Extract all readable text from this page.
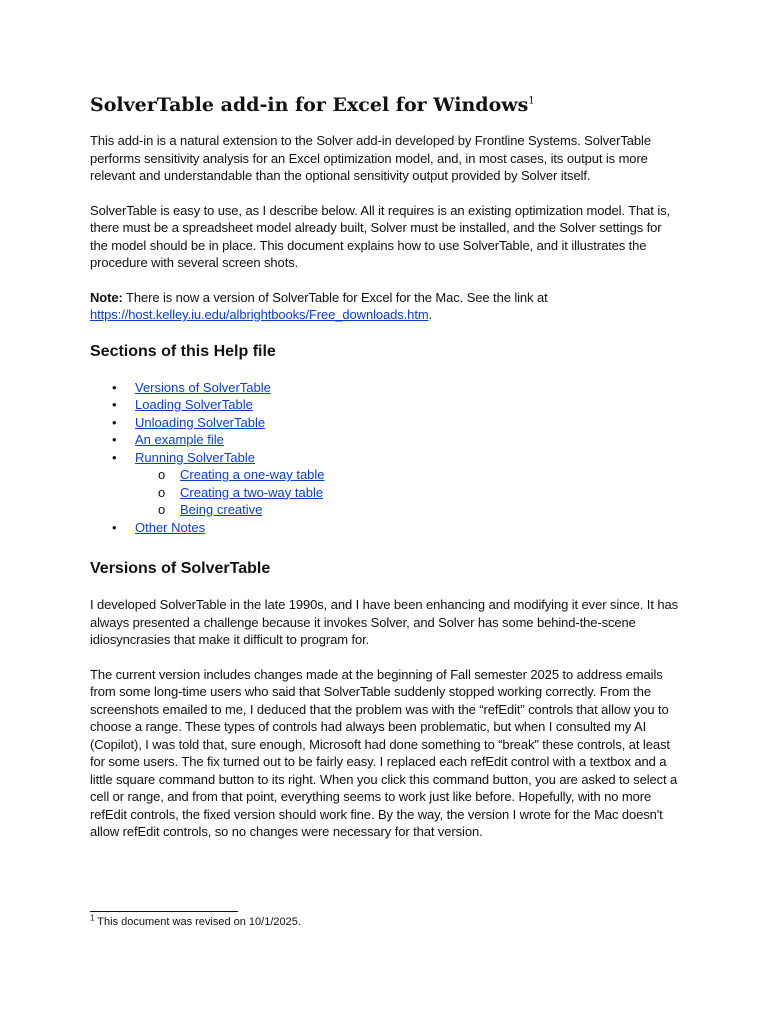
SolverTable add-in for Excel for Windows$^1$

This add-in is a natural extension to the Solver add-in developed by Frontline Systems. SolverTable performs sensitivity analysis for an Excel optimization model, and, in most cases, its output is more relevant and understandable than the optional sensitivity output provided by Solver itself.

SolverTable is easy to use, as I describe below. All it requires is an existing optimization model. That is, there must be a spreadsheet model already built, Solver must be installed, and the Solver settings for the model should be in place. This document explains how to use SolverTable, and it illustrates the procedure with several screen shots.

Note: There is now a version of SolverTable for Excel for the Mac. See the link at https://host.kelley.iu.edu/albrightbooks/Free_downloads.htm.

Sections of this Help file
• Versions of SolverTable
• Loading SolverTable
• Unloading SolverTable
• An example file
• Running SolverTable
o Creating a one-way table
o Creating a two-way table
o Being creative
• Other Notes
Versions of SolverTable

I developed SolverTable in the late 1990s, and I have been enhancing and modifying it ever since. It has always presented a challenge because it invokes Solver, and Solver has some behind-the-scene idiosyncrasies that make it difficult to program for.

The current version includes changes made at the beginning of Fall semester 2025 to address emails from some long-time users who said that SolverTable suddenly stopped working correctly. From the screenshots emailed to me, I deduced that the problem was with the “refEdit” controls that allow you to choose a range. These types of controls had always been problematic, but when I consulted my AI (Copilot), I was told that, sure enough, Microsoft had done something to “break” these controls, at least for some users. The fix turned out to be fairly easy. I replaced each refEdit control with a textbox and a little square command button to its right. When you click this command button, you are asked to select a cell or range, and from that point, everything seems to work just like before. Hopefully, with no more refEdit controls, the fixed version should work fine. By the way, the version I wrote for the Mac doesn't allow refEdit controls, so no changes were necessary for that version.

$^1$ This document was revised on 10/1/2025.
